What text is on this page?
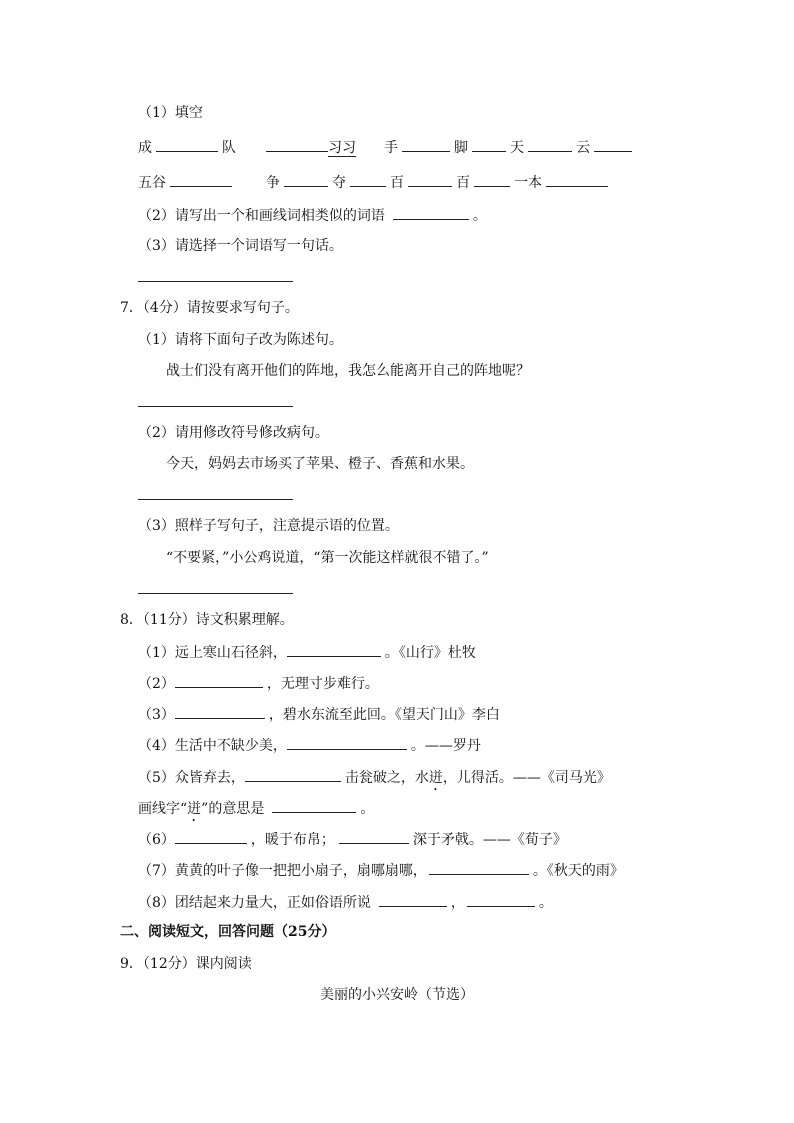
（1）填空
成	队	习习 手	脚	天	云
五谷	争	夺	百	百	一本
（2）请写出一个和画线词相类似的词语	。
（3）请选择一个词语写一句话。
7．（4分）请按要求写句子。
（1）请将下面句子改为陈述句。
战士们没有离开他们的阵地，我怎么能离开自己的阵地呢？
（2）请用修改符号修改病句。
今天，妈妈去市场买了苹果、橙子、香蕉和水果。
（3）照样子写句子，注意提示语的位置。
“不要紧，”小公鸡说道，“第一次能这样就很不错了。”
8．（11分）诗文积累理解。
（1）远上寒山石径斜，	。《山行》杜牧
（2）	，无理寸步难行。
（3）	，碧水东流至此回。《望天门山》李白
（4）生活中不缺少美，	。——罗丹
（5）众皆弃去，	击瓮破之，水迸，儿得活。——《司马光》
画线字“迸”的意思是	。
（6）	，暖于布帛；	深于矛戟。——《荀子》
（7）黄黄的叶子像一把把小扇子，扇哪扇哪，	。《秋天的雨》
（8）团结起来力量大，正如俗语所说	，	。
二、阅读短文，回答问题（25分）
9．（12分）课内阅读
美丽的小兴安岭（节选）
